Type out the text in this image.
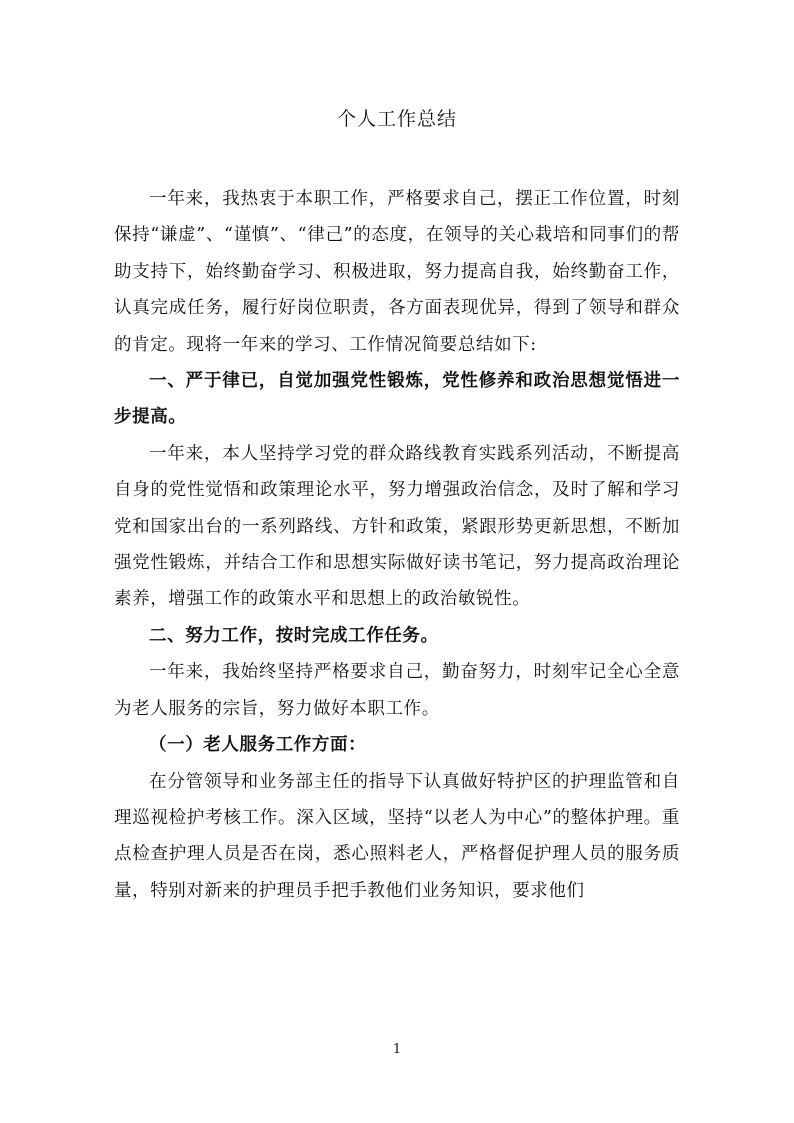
个人工作总结

一年来，我热衷于本职工作，严格要求自己，摆正工作位置，时刻保持“谦虚”、“谨慎”、“律己”的态度，在领导的关心栽培和同事们的帮助支持下，始终勤奋学习、积极进取，努力提高自我，始终勤奋工作，认真完成任务，履行好岗位职责，各方面表现优异，得到了领导和群众的肯定。现将一年来的学习、工作情况简要总结如下:

一、严于律已，自觉加强党性锻炼，党性修养和政治思想觉悟进一步提高。

一年来，本人坚持学习党的群众路线教育实践系列活动，不断提高自身的党性觉悟和政策理论水平，努力增强政治信念，及时了解和学习党和国家出台的一系列路线、方针和政策，紧跟形势更新思想，不断加强党性锻炼，并结合工作和思想实际做好读书笔记，努力提高政治理论素养，增强工作的政策水平和思想上的政治敏锐性。

二、努力工作，按时完成工作任务。

一年来，我始终坚持严格要求自己，勤奋努力，时刻牢记全心全意为老人服务的宗旨，努力做好本职工作。

（一）老人服务工作方面：

在分管领导和业务部主任的指导下认真做好特护区的护理监管和自理巡视检护考核工作。深入区域，坚持“以老人为中心”的整体护理。重点检查护理人员是否在岗，悉心照料老人，严格督促护理人员的服务质量，特别对新来的护理员手把手教他们业务知识，要求他们

1
